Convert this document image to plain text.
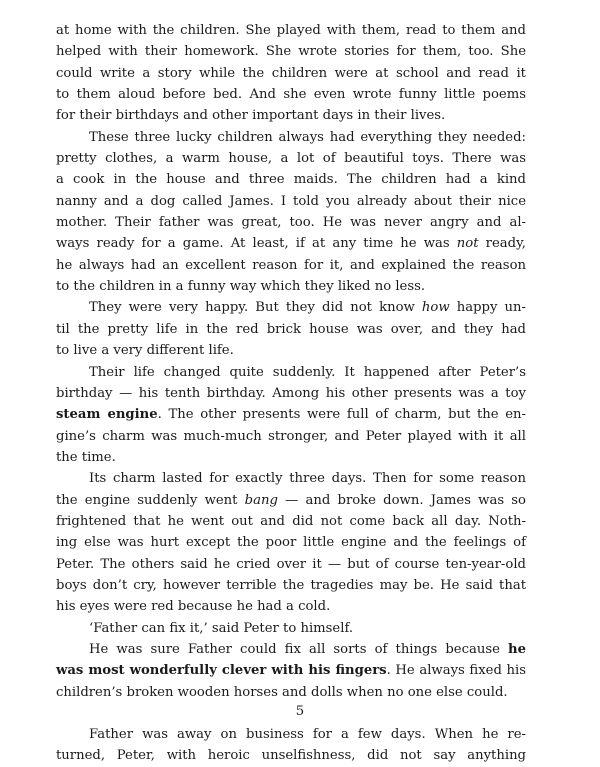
at home with the children. She played with them, read to them and
helped with their homework. She wrote stories for them, too. She
could write a story while the children were at school and read it
to them aloud before bed. And she even wrote funny little poems
for their birthdays and other important days in their lives.
These three lucky children always had everything they needed:
pretty clothes, a warm house, a lot of beautiful toys. There was
a cook in the house and three maids. The children had a kind
nanny and a dog called James. I told you already about their nice
mother. Their father was great, too. He was never angry and al-
ways ready for a game. At least, if at any time he was not ready,
he always had an excellent reason for it, and explained the reason
to the children in a funny way which they liked no less.
They were very happy. But they did not know how happy un-
til the pretty life in the red brick house was over, and they had
to live a very different life.
Their life changed quite suddenly. It happened after Peter’s
birthday — his tenth birthday. Among his other presents was a toy
steam engine. The other presents were full of charm, but the en-
gine’s charm was much-much stronger, and Peter played with it all
the time.
Its charm lasted for exactly three days. Then for some reason
the engine suddenly went bang — and broke down. James was so
frightened that he went out and did not come back all day. Noth-
ing else was hurt except the poor little engine and the feelings of
Peter. The others said he cried over it — but of course ten-year-old
boys don’t cry, however terrible the tragedies may be. He said that
his eyes were red because he had a cold.
‘Father can fix it,’ said Peter to himself.
He was sure Father could fix all sorts of things because he
was most wonderfully clever with his fingers. He always fixed his
children’s broken wooden horses and dolls when no one else could.
Father was away on business for a few days. When he re-
turned, Peter, with heroic unselfishness, did not say anything
5
